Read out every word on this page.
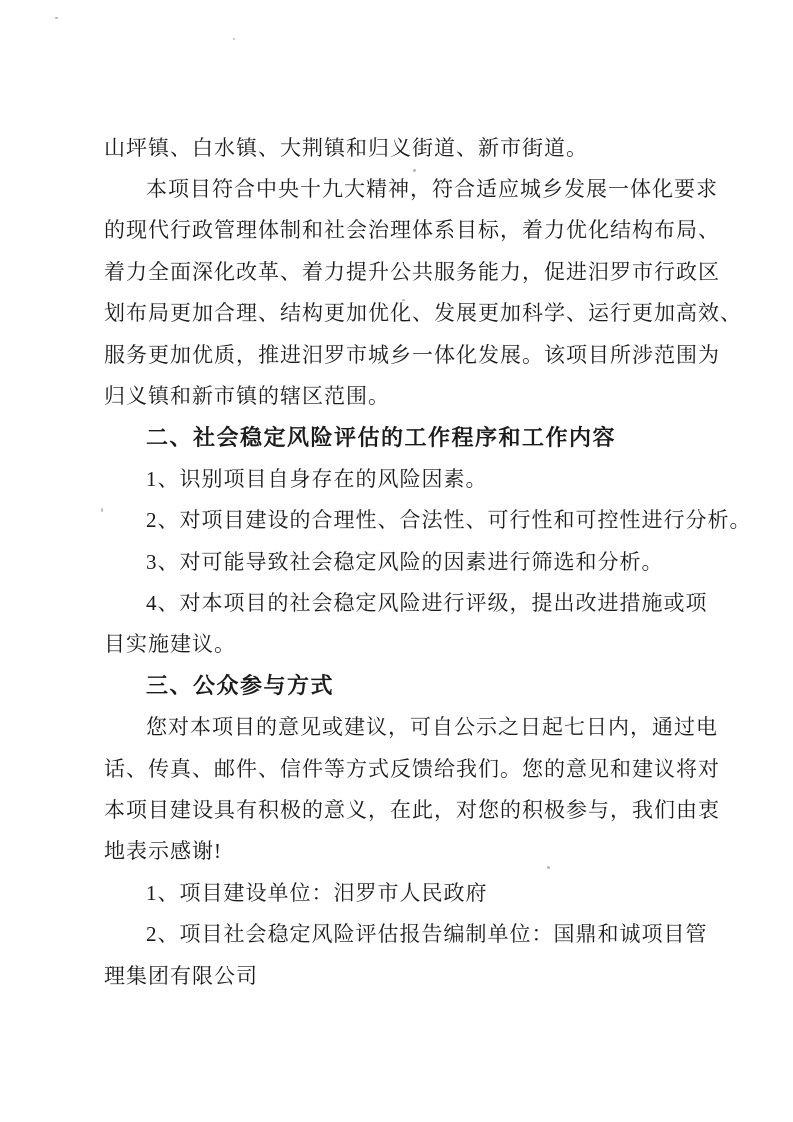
山坪镇、白水镇、大荆镇和归义街道、新市街道。
本项目符合中央十九大精神，符合适应城乡发展一体化要求
的现代行政管理体制和社会治理体系目标，着力优化结构布局、
着力全面深化改革、着力提升公共服务能力，促进汨罗市行政区
划布局更加合理、结构更加优化、发展更加科学、运行更加高效、
服务更加优质，推进汨罗市城乡一体化发展。该项目所涉范围为
归义镇和新市镇的辖区范围。
二、社会稳定风险评估的工作程序和工作内容
1、识别项目自身存在的风险因素。
2、对项目建设的合理性、合法性、可行性和可控性进行分析。
3、对可能导致社会稳定风险的因素进行筛选和分析。
4、对本项目的社会稳定风险进行评级，提出改进措施或项
目实施建议。
三、公众参与方式
您对本项目的意见或建议，可自公示之日起七日内，通过电
话、传真、邮件、信件等方式反馈给我们。您的意见和建议将对
本项目建设具有积极的意义，在此，对您的积极参与，我们由衷
地表示感谢!
1、项目建设单位：汨罗市人民政府
2、项目社会稳定风险评估报告编制单位：国鼎和诚项目管
理集团有限公司
